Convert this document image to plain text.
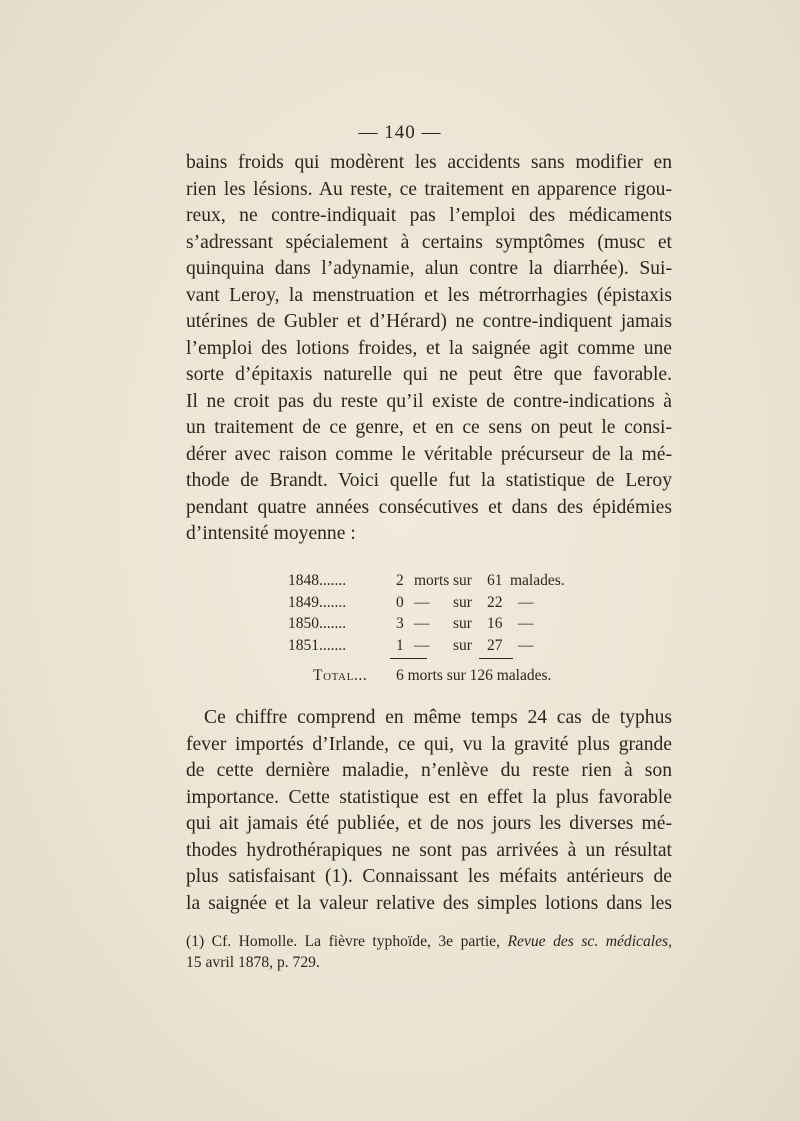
— 140 —
bains froids qui modèrent les accidents sans modifier en
rien les lésions. Au reste, ce traitement en apparence rigou-
reux, ne contre-indiquait pas l’emploi des médicaments
s’adressant spécialement à certains symptômes (musc et
quinquina dans l’adynamie, alun contre la diarrhée). Sui-
vant Leroy, la menstruation et les métrorrhagies (épistaxis
utérines de Gubler et d’Hérard) ne contre-indiquent jamais
l’emploi des lotions froides, et la saignée agit comme une
sorte d’épitaxis naturelle qui ne peut être que favorable.
Il ne croit pas du reste qu’il existe de contre-indications à
un traitement de ce genre, et en ce sens on peut le consi-
dérer avec raison comme le véritable précurseur de la mé-
thode de Brandt. Voici quelle fut la statistique de Leroy
pendant quatre années consécutives et dans des épidémies
d’intensité moyenne :
1848.......	2 morts sur 61 malades.
1849.......	0 — sur 22 —
1850.......	3 — sur 16 —
1851.......	1 — sur 27 —
Total... 6 morts sur 126 malades.
Ce chiffre comprend en même temps 24 cas de typhus
fever importés d’Irlande, ce qui, vu la gravité plus grande
de cette dernière maladie, n’enlève du reste rien à son
importance. Cette statistique est en effet la plus favorable
qui ait jamais été publiée, et de nos jours les diverses mé-
thodes hydrothérapiques ne sont pas arrivées à un résultat
plus satisfaisant (1). Connaissant les méfaits antérieurs de
la saignée et la valeur relative des simples lotions dans les
(1) Cf. Homolle. La fièvre typhoïde, 3e partie, Revue des sc. médicales,
15 avril 1878, p. 729.
